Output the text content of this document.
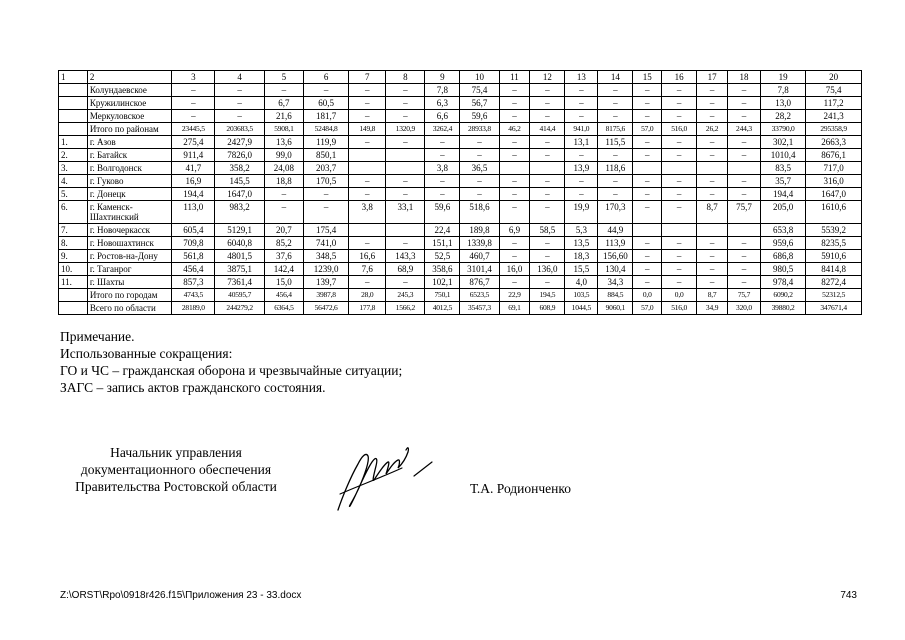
1	2	3	4	5	6	7	8	9	10	11	12	13	14	15	16	17	18	19	20
	Колундаевское	–	–	–	–	–	–	7,8	75,4	–	–	–	–	–	–	–	–	7,8	75,4
	Кружилинское	–	–	6,7	60,5	–	–	6,3	56,7	–	–	–	–	–	–	–	–	13,0	117,2
	Меркуловское	–	–	21,6	181,7	–	–	6,6	59,6	–	–	–	–	–	–	–	–	28,2	241,3
	Итого по районам	23445,5	203683,5	5908,1	52484,8	149,8	1320,9	3262,4	28933,8	46,2	414,4	941,0	8175,6	57,0	516,0	26,2	244,3	33790,0	295358,9
1.	г. Азов	275,4	2427,9	13,6	119,9	–	–	–	–	–	–	13,1	115,5	–	–	–	–	302,1	2663,3
2.	г. Батайск	911,4	7826,0	99,0	850,1			–	–	–	–	–	–	–	–	–	–	1010,4	8676,1
3.	г. Волгодонск	41,7	358,2	24,08	203,7			3,8	36,5			13,9	118,6					83,5	717,0
4.	г. Гуково	16,9	145,5	18,8	170,5	–	–	–	–	–	–	–	–	–	–	–	–	35,7	316,0
5.	г. Донецк	194,4	1647,0	–	–	–	–	–	–	–	–	–	–	–	–	–	–	194,4	1647,0
6.	г. Каменск-Шахтинский	113,0	983,2	–	–	3,8	33,1	59,6	518,6	–	–	19,9	170,3	–	–	8,7	75,7	205,0	1610,6
7.	г. Новочеркасск	605,4	5129,1	20,7	175,4			22,4	189,8	6,9	58,5	5,3	44,9					653,8	5539,2
8.	г. Новошахтинск	709,8	6040,8	85,2	741,0	–	–	151,1	1339,8	–	–	13,5	113,9	–	–	–	–	959,6	8235,5
9.	г. Ростов-на-Дону	561,8	4801,5	37,6	348,5	16,6	143,3	52,5	460,7	–	–	18,3	156,60	–	–	–	–	686,8	5910,6
10.	г. Таганрог	456,4	3875,1	142,4	1239,0	7,6	68,9	358,6	3101,4	16,0	136,0	15,5	130,4	–	–	–	–	980,5	8414,8
11.	г. Шахты	857,3	7361,4	15,0	139,7	–	–	102,1	876,7	–	–	4,0	34,3	–	–	–	–	978,4	8272,4
	Итого по городам	4743,5	40595,7	456,4	3987,8	28,0	245,3	750,1	6523,5	22,9	194,5	103,5	884,5	0,0	0,0	8,7	75,7	6090,2	52312,5
	Всего по области	28189,0	244279,2	6364,5	56472,6	177,8	1566,2	4012,5	35457,3	69,1	608,9	1044,5	9060,1	57,0	516,0	34,9	320,0	39880,2	347671,4
Примечание.
Использованные сокращения:
ГО и ЧС – гражданская оборона и чрезвычайные ситуации;
ЗАГС – запись актов гражданского состояния.
Начальник управления
документационного обеспечения
Правительства Ростовской области	Т.А. Родионченко
Z:\ORST\Rpo\0918r426.f15\Приложения 23 - 33.docx	743
